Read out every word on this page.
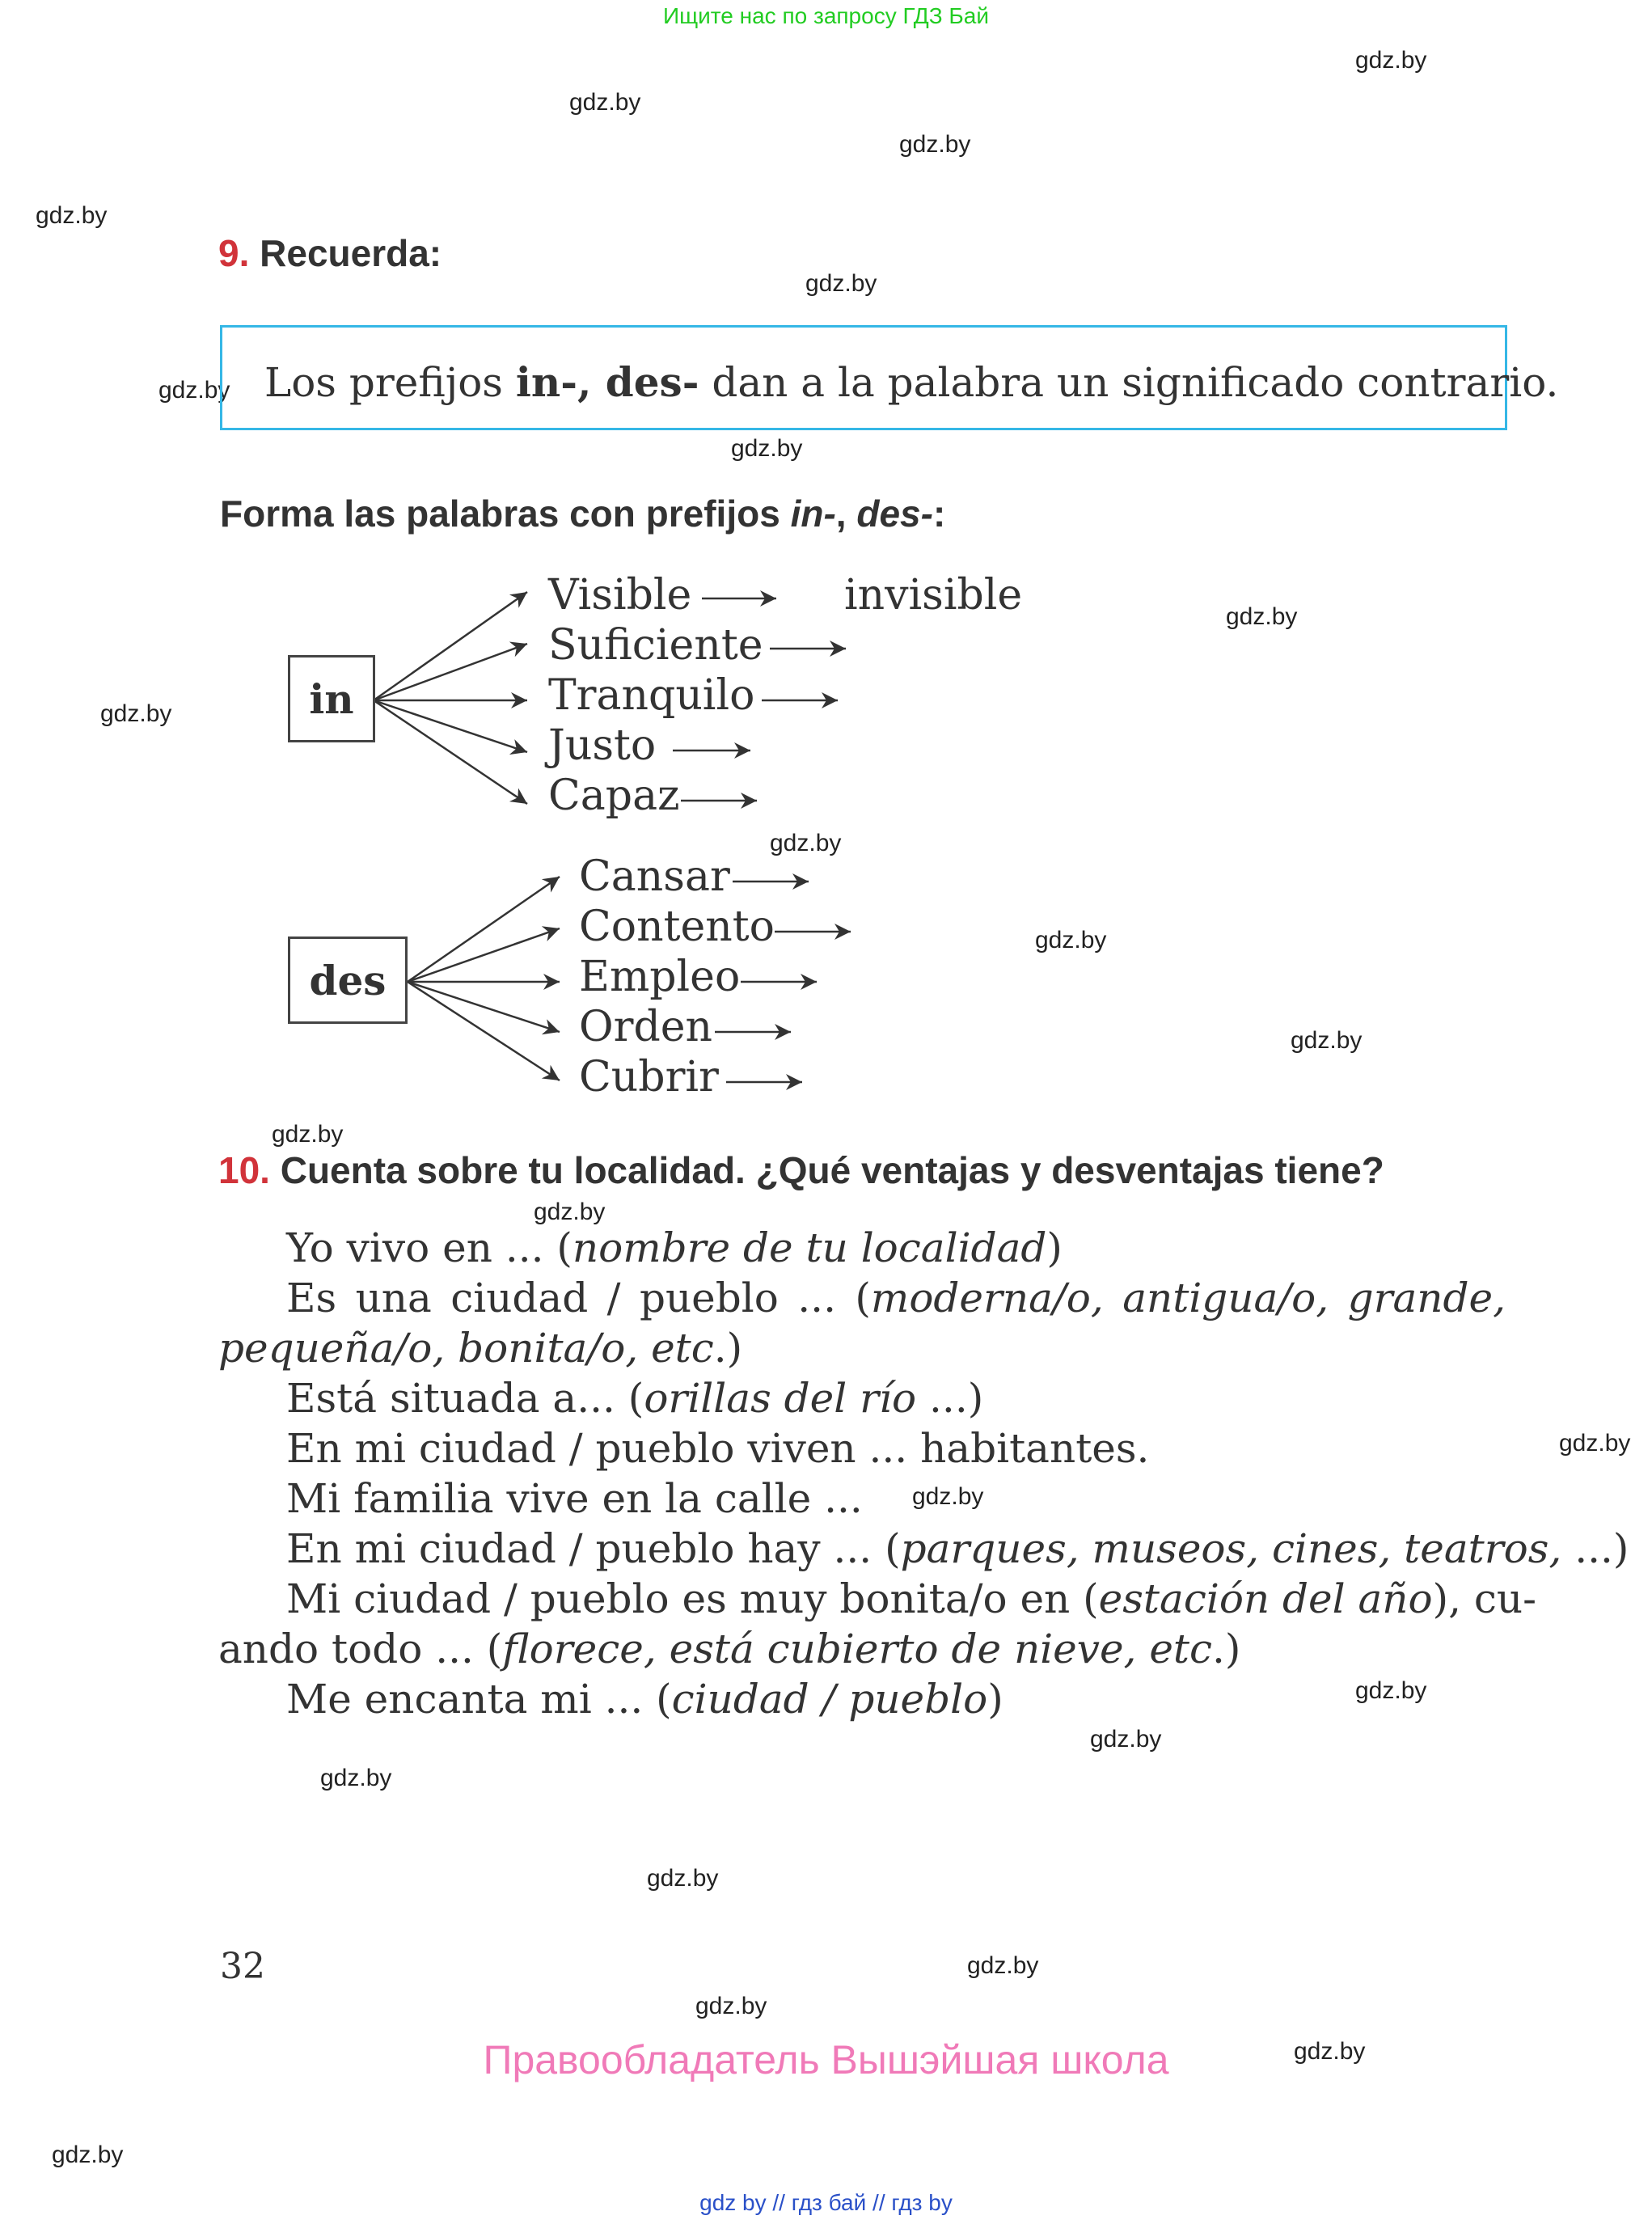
Ищите нас по запросу ГДЗ Бай
gdz.by
gdz.by
gdz.by
gdz.by
gdz.by
gdz.by
gdz.by
gdz.by
gdz.by
gdz.by
gdz.by
gdz.by
gdz.by
gdz.by
gdz.by
gdz.by
gdz.by
gdz.by
gdz.by
gdz.by
gdz.by
gdz.by
gdz.by
gdz.by
9. Recuerda:
Los prefijos in-, des- dan a la palabra un significado contrario.
Forma las palabras con prefijos in-, des-:
in
des
Visible
Suficiente
Tranquilo
Justo
Capaz
invisible
Cansar
Contento
Empleo
Orden
Cubrir
10. Cuenta sobre tu localidad. ¿Qué ventajas y desventajas tiene?
Yo vivo en ... (nombre de tu localidad)
Es una ciudad / pueblo ... (moderna/o, antigua/o, grande,
pequeña/o, bonita/o, etc.)
Está situada a... (orillas del río ...)
En mi ciudad / pueblo viven ... habitantes.
Mi familia vive en la calle ...
En mi ciudad / pueblo hay ... (parques, museos, cines, teatros, ...)
Mi ciudad / pueblo es muy bonita/o en (estación del año), cu-
ando todo ... (florece, está cubierto de nieve, etc.)
Me encanta mi ... (ciudad / pueblo)
32
Правообладатель Вышэйшая школа
gdz by // гдз бай // гдз by
